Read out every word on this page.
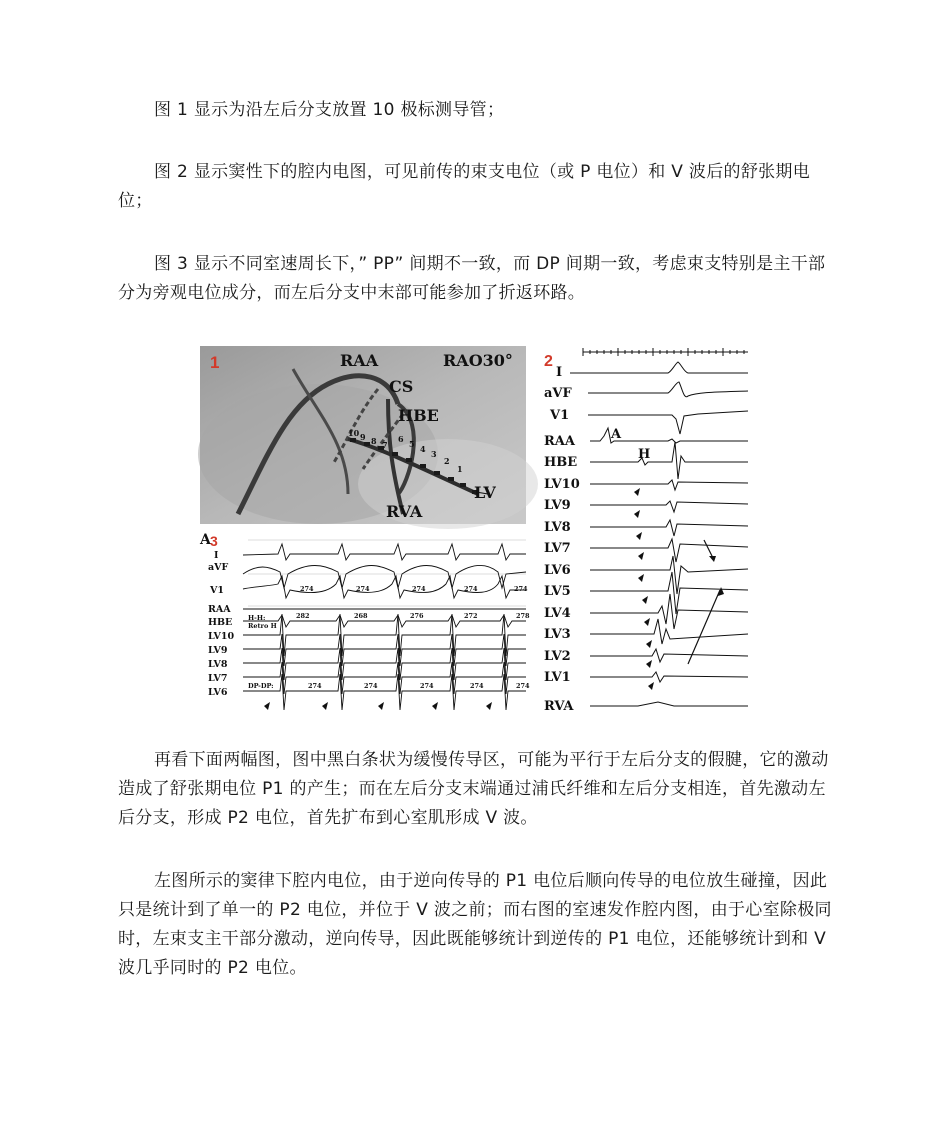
图 1 显示为沿左后分支放置 10 极标测导管；

图 2 显示窦性下的腔内电图，可见前传的束支电位（或 P 电位）和 V 波后的舒张期电位；

图 3 显示不同室速周长下，” PP” 间期不一致，而 DP 间期一致，考虑束支特别是主干部分为旁观电位成分，而左后分支中末部可能参加了折返环路。

1	RAA	RAO30°
CS
HBE
LV
RVA
10 9 8 7
6 5 4 3
2
1
2
I
aVF
V1
RAA
HBE
LV10
LV9
LV8
LV7
LV6
LV5
LV4
LV3
LV2
LV1
RVA
A
H
A 3
I
aVF
V1
RAA
HBE
LV10
LV9
LV8
LV7
LV6
274	274	274	274	274
H-H:	282	268	276	272	278
Retro H
DP-DP:	274	274	274	274	274

再看下面两幅图，图中黑白条状为缓慢传导区，可能为平行于左后分支的假腱，它的激动造成了舒张期电位 P1 的产生；而在左后分支末端通过浦氏纤维和左后分支相连，首先激动左后分支，形成 P2 电位，首先扩布到心室肌形成 V 波。

左图所示的窦律下腔内电位，由于逆向传导的 P1 电位后顺向传导的电位放生碰撞，因此只是统计到了单一的 P2 电位，并位于 V 波之前；而右图的室速发作腔内图，由于心室除极同时，左束支主干部分激动，逆向传导，因此既能够统计到逆传的 P1 电位，还能够统计到和 V 波几乎同时的 P2 电位。
